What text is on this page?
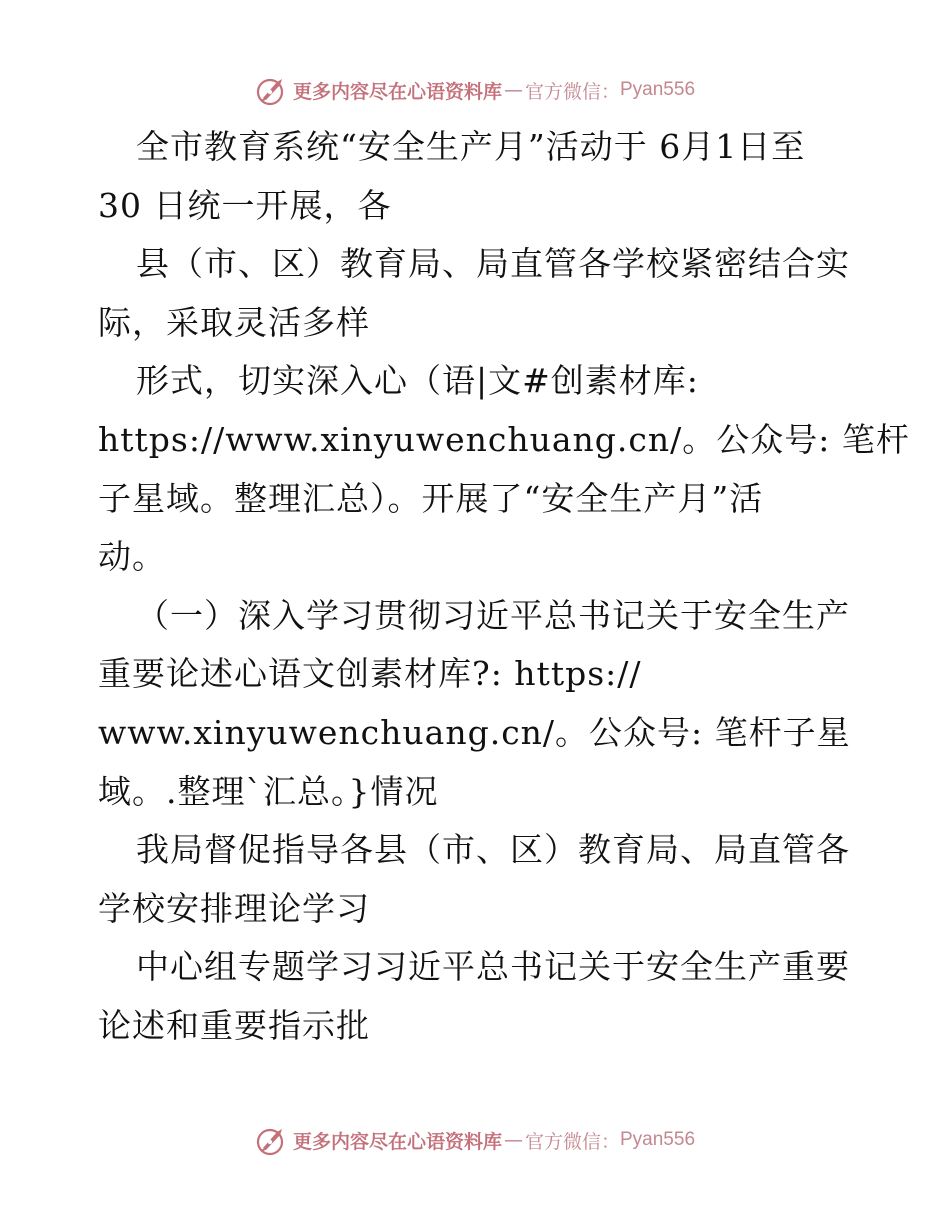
更多内容尽在心语资料库 — 官方微信： Pyan556
全市教育系统“安全生产月”活动于 6月1日至
30 日统一开展，各
县（市、区）教育局、局直管各学校紧密结合实
际，采取灵活多样
形式，切实深入心（语|文#创素材库:
https://www.xinyuwenchuang.cn/。公众号: 笔杆
子星域。整理汇总）。开展了“安全生产月”活
动。
（一）深入学习贯彻习近平总书记关于安全生产
重要论述心语文创素材库?: https://
www.xinyuwenchuang.cn/。公众号: 笔杆子星
域。.整理`汇总。}情况
我局督促指导各县（市、区）教育局、局直管各
学校安排理论学习
中心组专题学习习近平总书记关于安全生产重要
论述和重要指示批
更多内容尽在心语资料库 — 官方微信： Pyan556
